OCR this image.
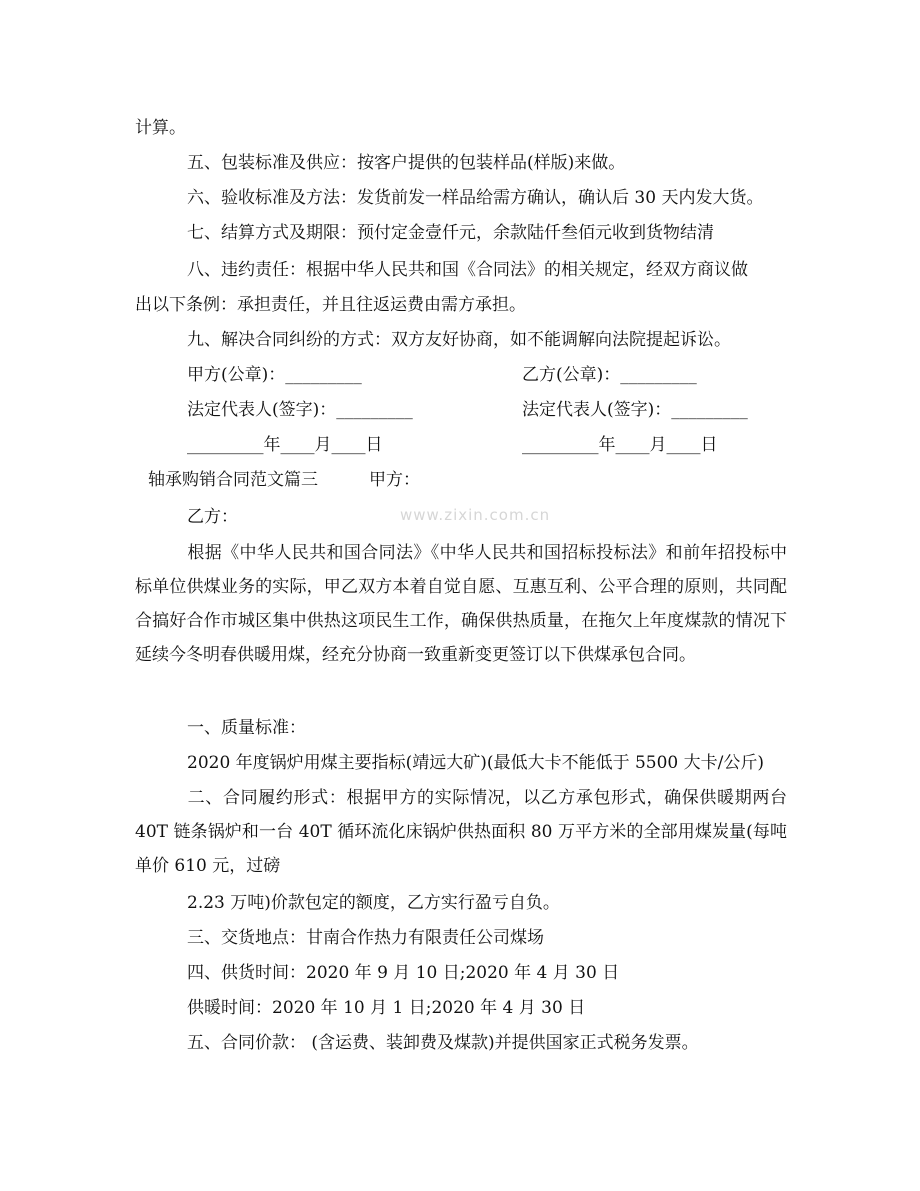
www.zixin.com.cn
计算。
五、包装标准及供应：按客户提供的包装样品(样版)来做。
六、验收标准及方法：发货前发一样品给需方确认，确认后 30 天内发大货。
七、结算方式及期限：预付定金壹仟元，余款陆仟叁佰元收到货物结清
八、违约责任：根据中华人民共和国《合同法》的相关规定，经双方商议做
出以下条例：承担责任，并且往返运费由需方承担。
九、解决合同纠纷的方式：双方友好协商，如不能调解向法院提起诉讼。
甲方(公章)：_________	乙方(公章)：_________
法定代表人(签字)：_________	法定代表人(签字)：_________
_________年____月____日	_________年____月____日
轴承购销合同范文篇三	甲方：
乙方：
根据《中华人民共和国合同法》《中华人民共和国招标投标法》和前年招投标中标单位供煤业务的实际，甲乙双方本着自觉自愿、互惠互利、公平合理的原则，共同配合搞好合作市城区集中供热这项民生工作，确保供热质量，在拖欠上年度煤款的情况下延续今冬明春供暖用煤，经充分协商一致重新变更签订以下供煤承包合同。
一、质量标准：
2020 年度锅炉用煤主要指标(靖远大矿)(最低大卡不能低于 5500 大卡/公斤)
二、合同履约形式：根据甲方的实际情况，以乙方承包形式，确保供暖期两台 40T 链条锅炉和一台 40T 循环流化床锅炉供热面积 80 万平方米的全部用煤炭量(每吨单价 610 元，过磅
2.23 万吨)价款包定的额度，乙方实行盈亏自负。
三、交货地点：甘南合作热力有限责任公司煤场
四、供货时间：2020 年 9 月 10 日;2020 年 4 月 30 日
供暖时间：2020 年 10 月 1 日;2020 年 4 月 30 日
五、合同价款： (含运费、装卸费及煤款)并提供国家正式税务发票。
